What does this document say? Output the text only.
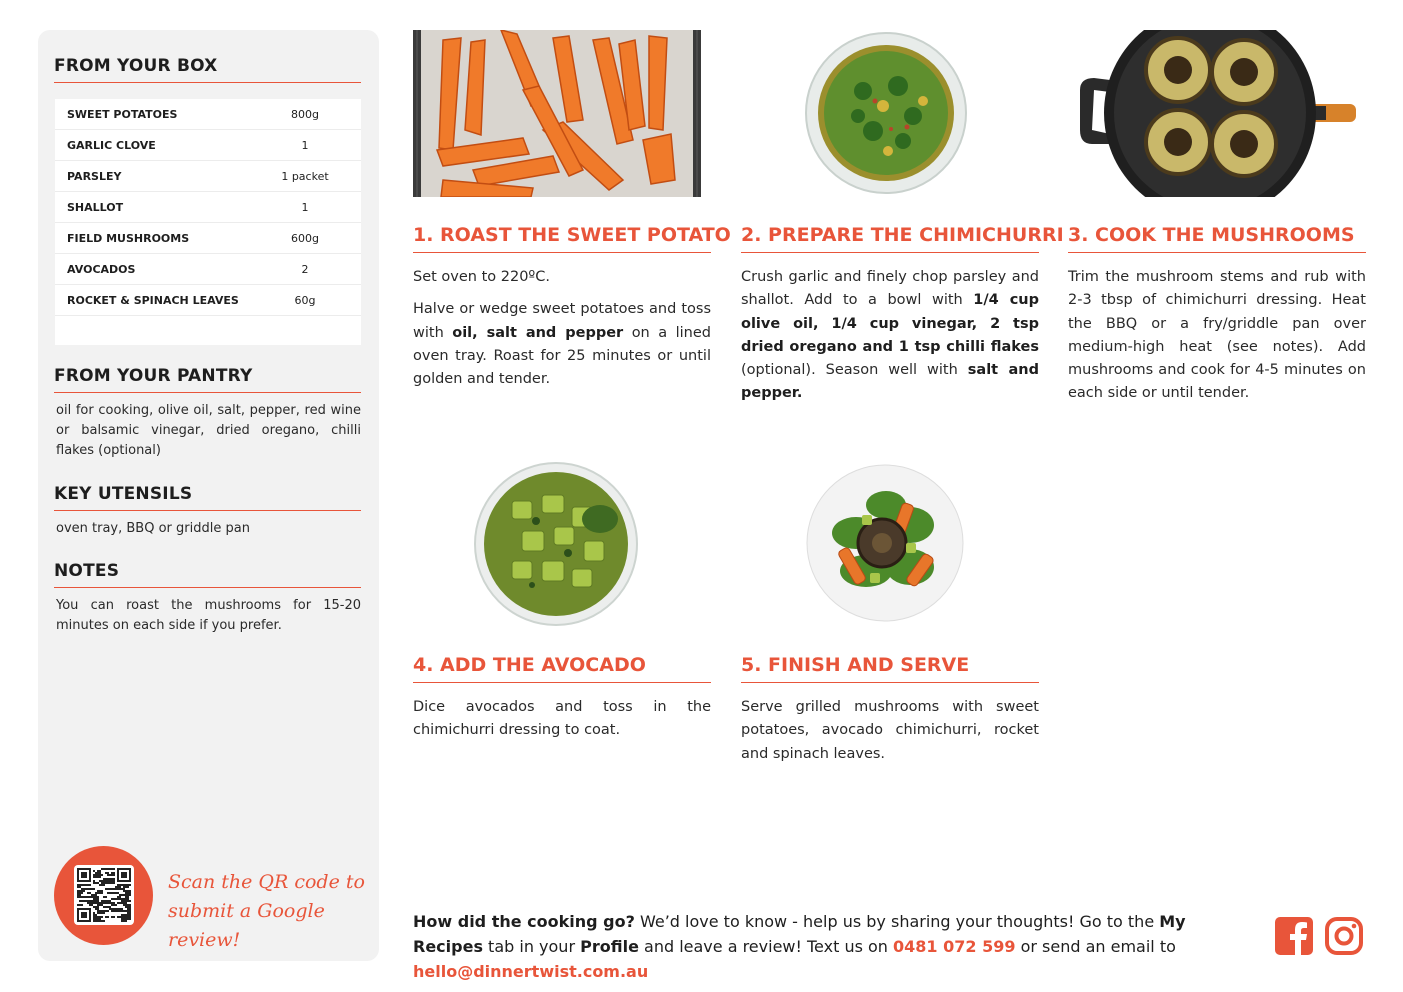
FROM YOUR BOX
SWEET POTATOES	800g
GARLIC CLOVE	1
PARSLEY	1 packet
SHALLOT	1
FIELD MUSHROOMS	600g
AVOCADOS	2
ROCKET & SPINACH LEAVES	60g
FROM YOUR PANTRY
oil for cooking, olive oil, salt, pepper, red wine or balsamic vinegar, dried oregano, chilli flakes (optional)
KEY UTENSILS
oven tray, BBQ or griddle pan
NOTES
You can roast the mushrooms for 15-20 minutes on each side if you prefer.
Scan the QR code to
submit a Google review!
1. ROAST THE SWEET POTATO

Set oven to 220ºC.

Halve or wedge sweet potatoes and toss with oil, salt and pepper on a lined oven tray. Roast for 25 minutes or until golden and tender.

2. PREPARE THE CHIMICHURRI

Crush garlic and finely chop parsley and shallot. Add to a bowl with 1/4 cup olive oil, 1/4 cup vinegar, 2 tsp dried oregano and 1 tsp chilli flakes (optional). Season well with salt and pepper.

3. COOK THE MUSHROOMS

Trim the mushroom stems and rub with 2-3 tbsp of chimichurri dressing. Heat the BBQ or a fry/griddle pan over medium-high heat (see notes). Add mushrooms and cook for 4-5 minutes on each side or until tender.

4. ADD THE AVOCADO

Dice avocados and toss in the chimichurri dressing to coat.

5. FINISH AND SERVE

Serve grilled mushrooms with sweet potatoes, avocado chimichurri, rocket and spinach leaves.

How did the cooking go? We’d love to know - help us by sharing your thoughts! Go to the My Recipes tab in your Profile and leave a review! Text us on 0481 072 599 or send an email to hello@dinnertwist.com.au
